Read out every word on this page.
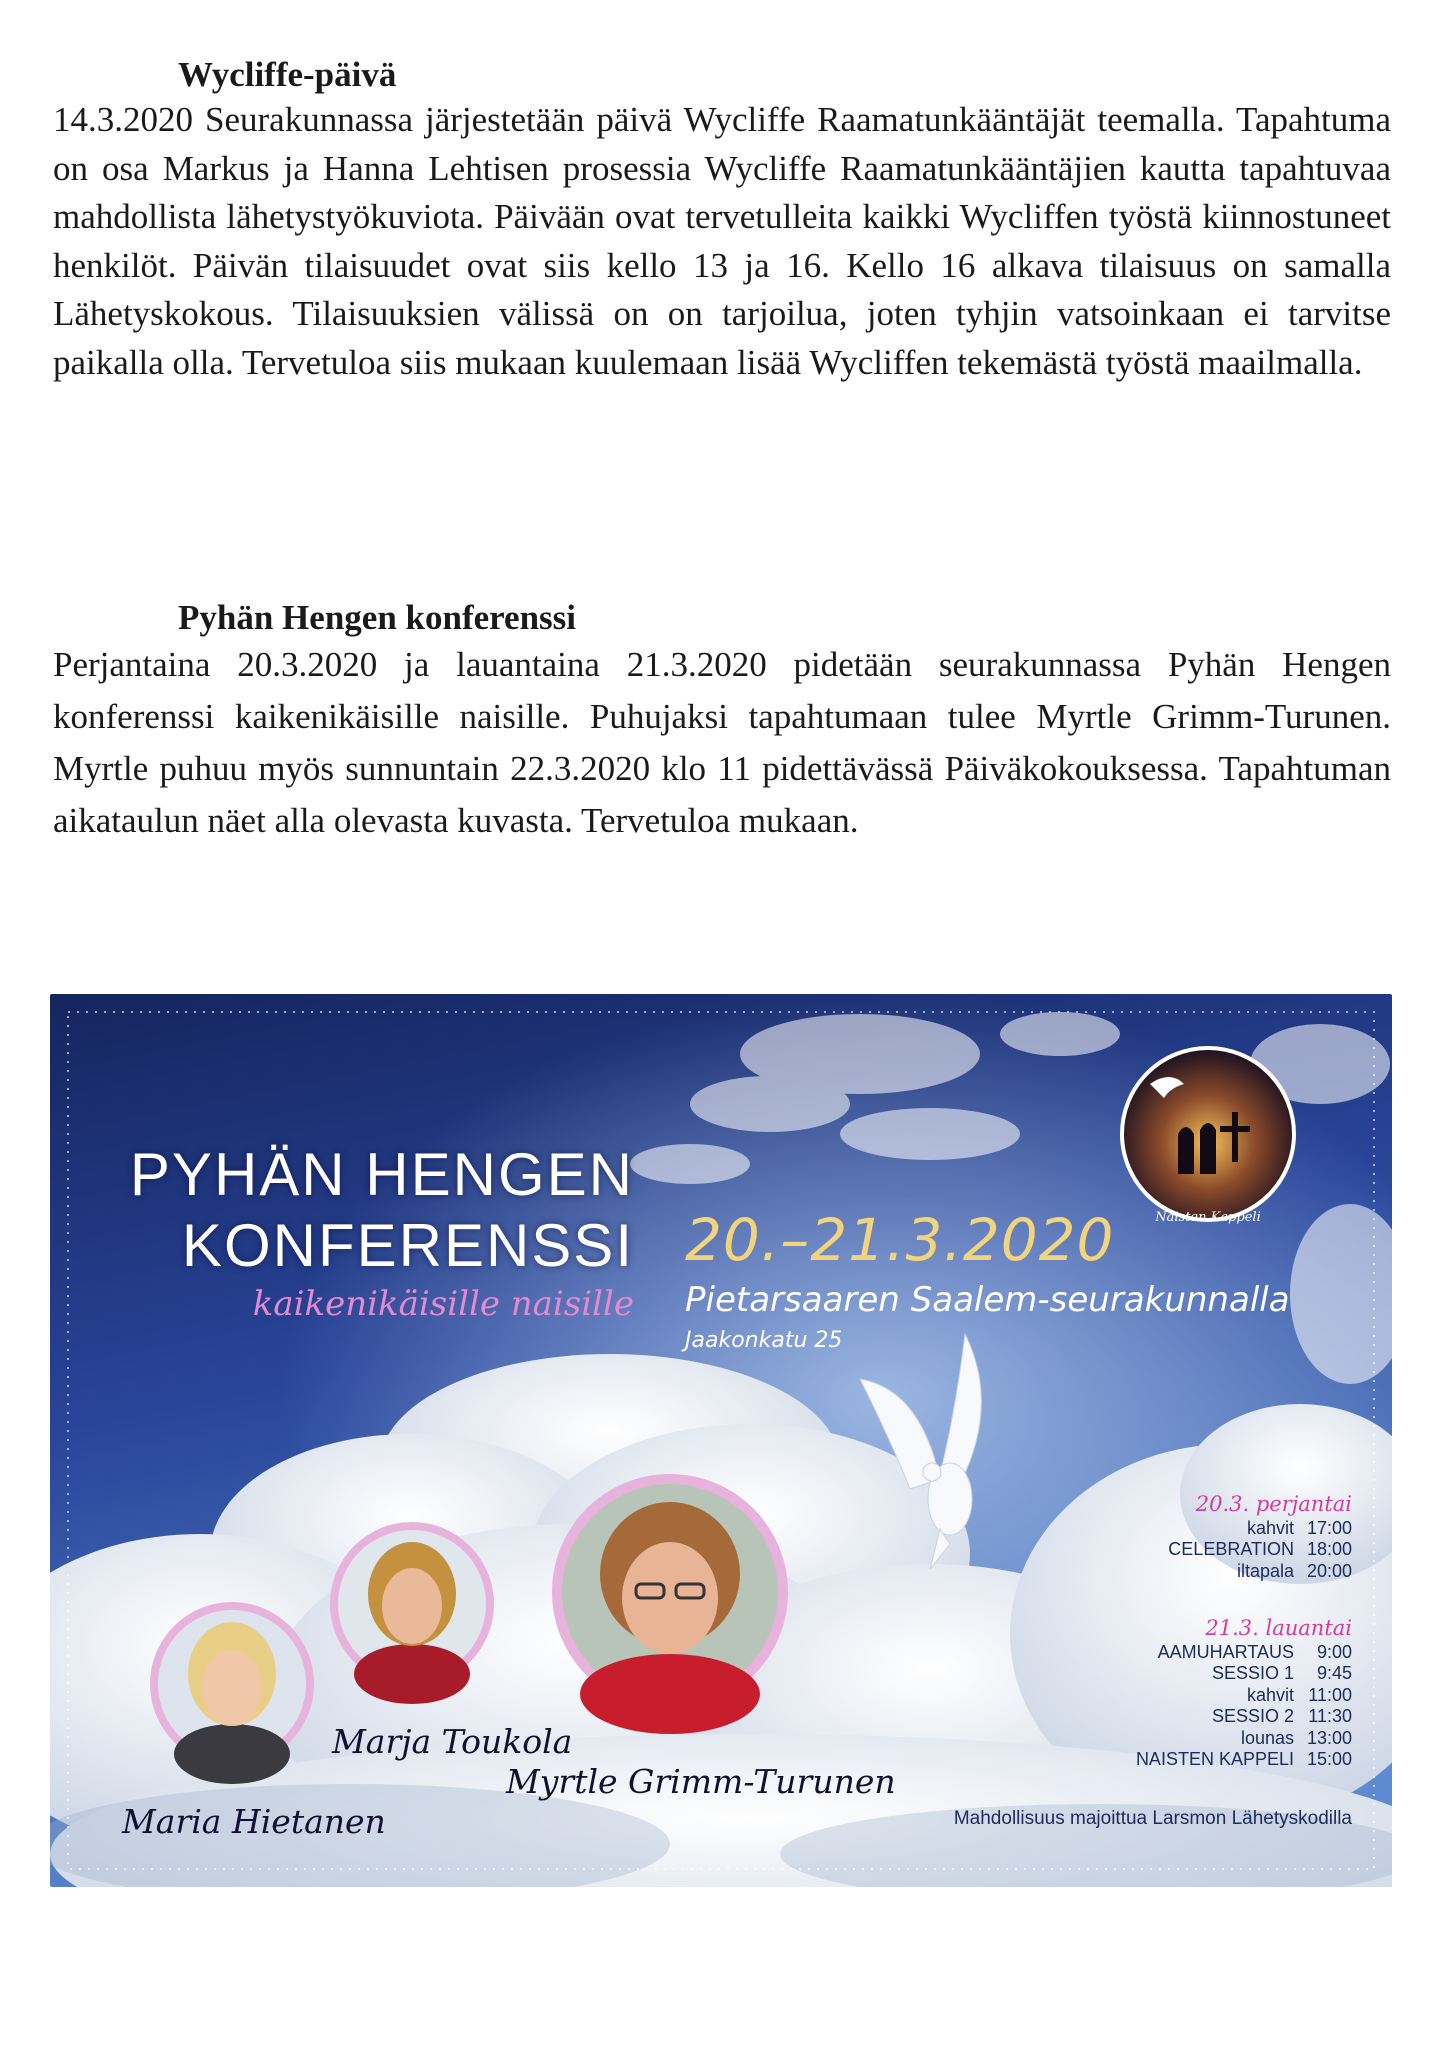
Wycliffe-päivä

14.3.2020 Seurakunnassa järjestetään päivä Wycliffe Raamatunkääntäjät teemalla. Tapahtuma on osa Markus ja Hanna Lehtisen prosessia Wycliffe Raamatunkääntäjien kautta tapahtuvaa mahdollista lähetystyökuviota. Päivään ovat tervetulleita kaikki Wycliffen työstä kiinnostuneet henkilöt. Päivän tilaisuudet ovat siis kello 13 ja 16. Kello 16 alkava tilaisuus on samalla Lähetyskokous. Tilaisuuksien välissä on on tarjoilua, joten tyhjin vatsoinkaan ei tarvitse paikalla olla. Tervetuloa siis mukaan kuulemaan lisää Wycliffen tekemästä työstä maailmalla.

Pyhän Hengen konferenssi

Perjantaina 20.3.2020 ja lauantaina 21.3.2020 pidetään seurakunnassa Pyhän Hengen konferenssi kaikenikäisille naisille. Puhujaksi tapahtumaan tulee Myrtle Grimm-Turunen. Myrtle puhuu myös sunnuntain 22.3.2020 klo 11 pidettävässä Päiväkokouksessa. Tapahtuman aikataulun näet alla olevasta kuvasta. Tervetuloa mukaan.

PYHÄN HENGEN
KONFERENSSI
kaikenikäisille naisille
20.–21.3.2020
Pietarsaaren Saalem-seurakunnalla
Jaakonkatu 25
Naisten Kappeli
20.3. perjantai
kahvit 17:00
CELEBRATION 18:00
iltapala 20:00
21.3. lauantai
AAMUHARTAUS 9:00
SESSIO 1 9:45
kahvit 11:00
SESSIO 2 11:30
lounas 13:00
NAISTEN KAPPELI 15:00
Mahdollisuus majoittua Larsmon Lähetyskodilla
Maria Hietanen
Marja Toukola
Myrtle Grimm-Turunen
